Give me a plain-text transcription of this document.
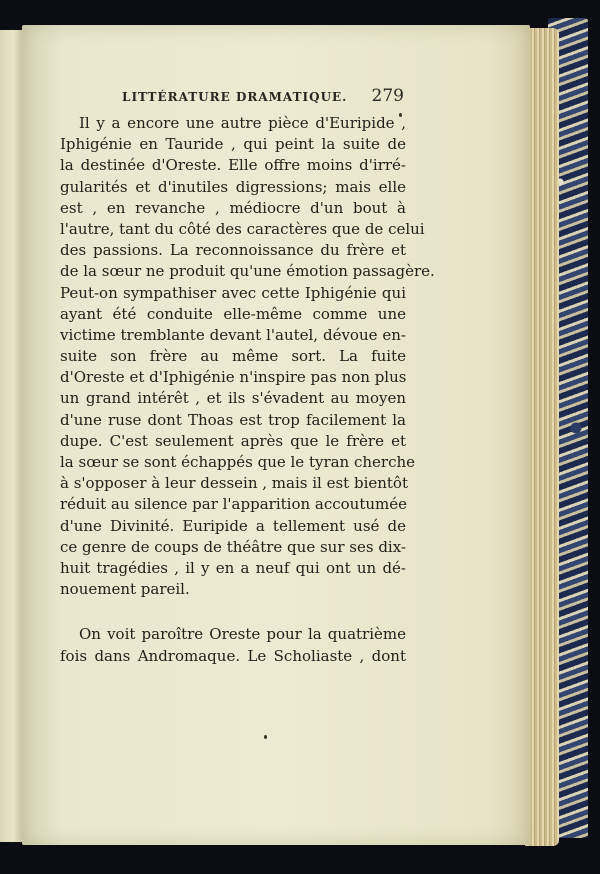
LITTÉRATURE DRAMATIQUE. 279
Il y a encore une autre pièce d'Euripide ,
Iphigénie en Tauride , qui peint la suite de
la destinée d'Oreste. Elle offre moins d'irré-
gularités et d'inutiles digressions; mais elle
est , en revanche , médiocre d'un bout à
l'autre, tant du côté des caractères que de celui
des passions. La reconnoissance du frère et
de la sœur ne produit qu'une émotion passagère.
Peut-on sympathiser avec cette Iphigénie qui
ayant été conduite elle-même comme une
victime tremblante devant l'autel, dévoue en-
suite son frère au même sort. La fuite
d'Oreste et d'Iphigénie n'inspire pas non plus
un grand intérêt , et ils s'évadent au moyen
d'une ruse dont Thoas est trop facilement la
dupe. C'est seulement après que le frère et
la sœur se sont échappés que le tyran cherche
à s'opposer à leur dessein , mais il est bientôt
réduit au silence par l'apparition accoutumée
d'une Divinité. Euripide a tellement usé de
ce genre de coups de théâtre que sur ses dix-
huit tragédies , il y en a neuf qui ont un dé-
nouement pareil.
On voit paroître Oreste pour la quatrième
fois dans Andromaque. Le Scholiaste , dont
